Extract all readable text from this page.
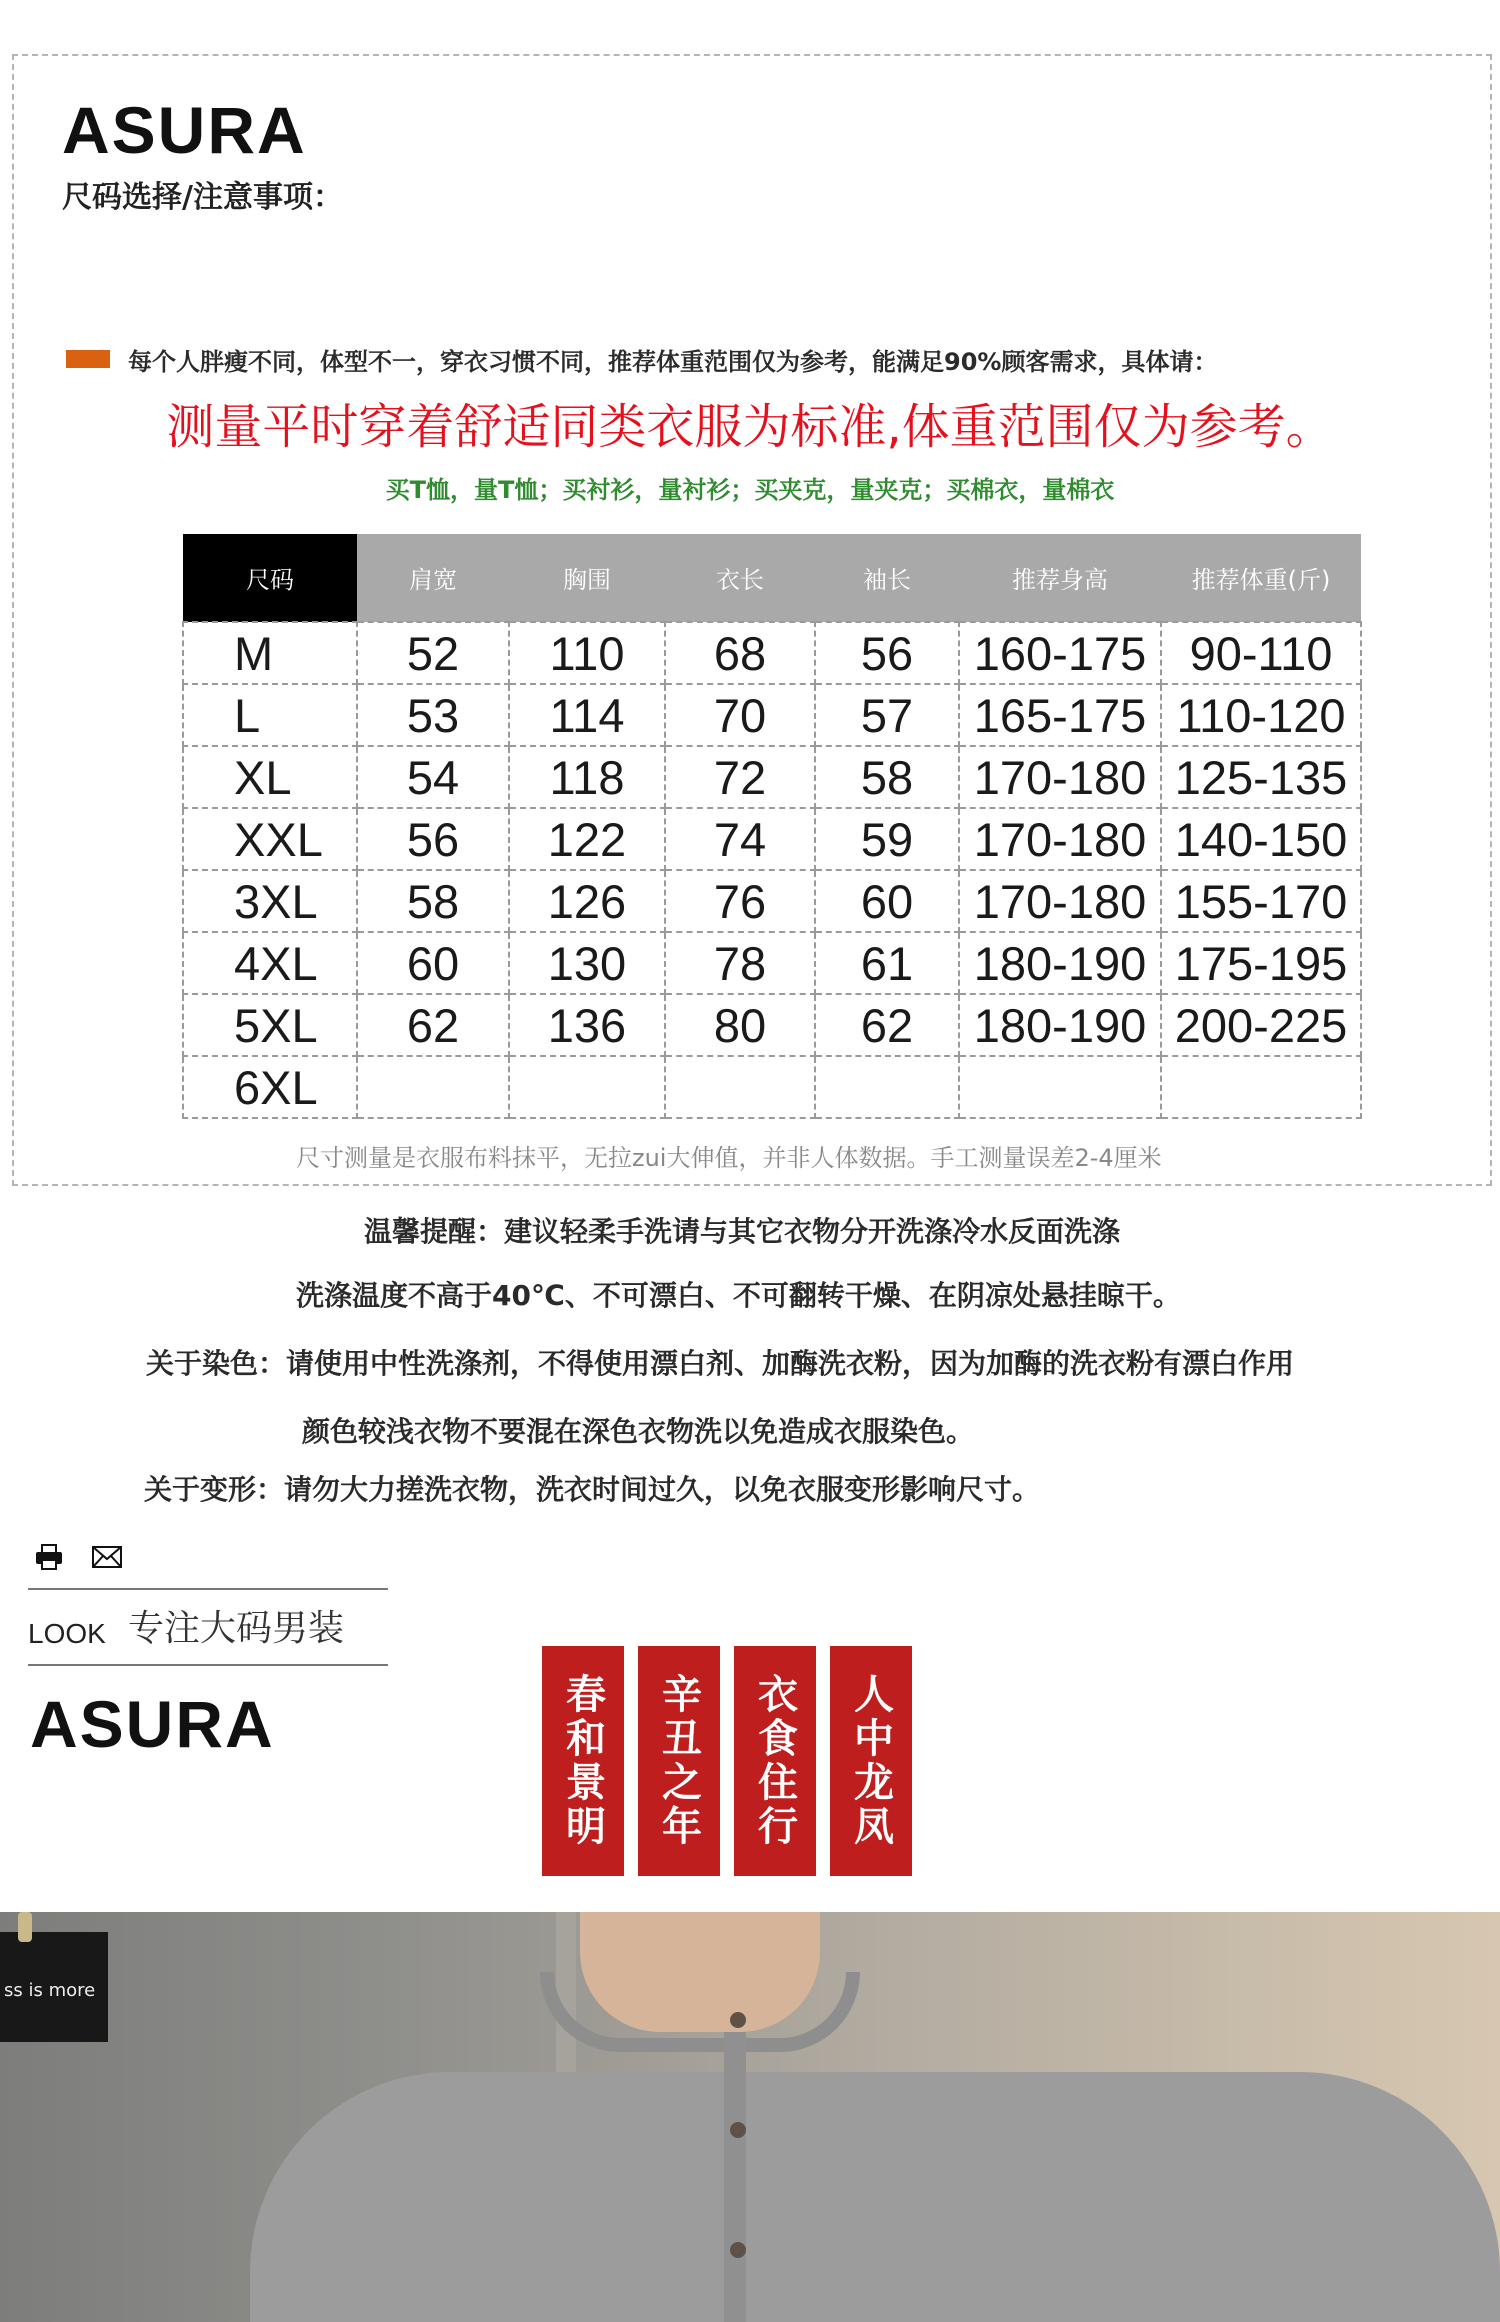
ASURA
尺码选择/注意事项：
每个人胖瘦不同，体型不一，穿衣习惯不同，推荐体重范围仅为参考，能满足90%顾客需求，具体请：
测量平时穿着舒适同类衣服为标准,体重范围仅为参考。
买T恤，量T恤；买衬衫，量衬衫；买夹克，量夹克；买棉衣，量棉衣
尺码	肩宽	胸围	衣长	袖长	推荐身高	推荐体重(斤)
M	52	110	68	56	160-175	90-110
L	53	114	70	57	165-175	110-120
XL	54	118	72	58	170-180	125-135
XXL	56	122	74	59	170-180	140-150
3XL	58	126	76	60	170-180	155-170
4XL	60	130	78	61	180-190	175-195
5XL	62	136	80	62	180-190	200-225
6XL						
尺寸测量是衣服布料抹平，无拉zui大伸值，并非人体数据。手工测量误差2-4厘米
温馨提醒：建议轻柔手洗请与其它衣物分开洗涤冷水反面洗涤
洗涤温度不高于40℃、不可漂白、不可翻转干燥、在阴凉处悬挂晾干。
关于染色：请使用中性洗涤剂，不得使用漂白剂、加酶洗衣粉，因为加酶的洗衣粉有漂白作用
颜色较浅衣物不要混在深色衣物洗以免造成衣服染色。
关于变形：请勿大力搓洗衣物，洗衣时间过久，以免衣服变形影响尺寸。
LOOK 专注大码男装
ASURA	春和景明 辛丑之年 衣食住行 人中龙凤
ss is more
